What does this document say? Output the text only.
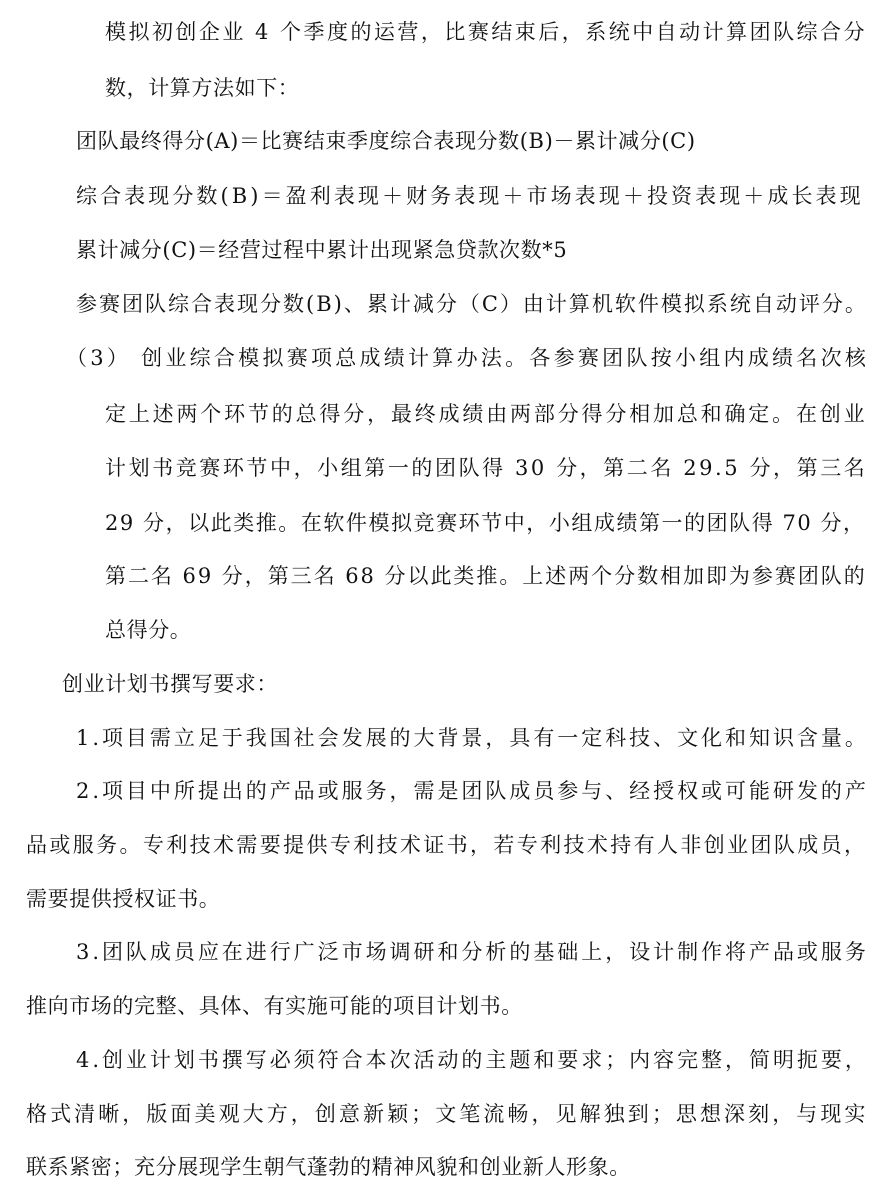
模拟初创企业 4 个季度的运营，比赛结束后，系统中自动计算团队综合分
数，计算方法如下：
团队最终得分(A)＝比赛结束季度综合表现分数(B)－累计减分(C)
综合表现分数(B)＝盈利表现＋财务表现＋市场表现＋投资表现＋成长表现
累计减分(C)＝经营过程中累计出现紧急贷款次数*5
参赛团队综合表现分数(B)、累计减分（C）由计算机软件模拟系统自动评分。
（3） 创业综合模拟赛项总成绩计算办法。各参赛团队按小组内成绩名次核
定上述两个环节的总得分，最终成绩由两部分得分相加总和确定。在创业
计划书竞赛环节中，小组第一的团队得 30 分，第二名 29.5 分，第三名
29 分，以此类推。在软件模拟竞赛环节中，小组成绩第一的团队得 70 分，
第二名 69 分，第三名 68 分以此类推。上述两个分数相加即为参赛团队的
总得分。
创业计划书撰写要求：
1.项目需立足于我国社会发展的大背景，具有一定科技、文化和知识含量。
2.项目中所提出的产品或服务，需是团队成员参与、经授权或可能研发的产
品或服务。专利技术需要提供专利技术证书，若专利技术持有人非创业团队成员，
需要提供授权证书。
3.团队成员应在进行广泛市场调研和分析的基础上，设计制作将产品或服务
推向市场的完整、具体、有实施可能的项目计划书。
4.创业计划书撰写必须符合本次活动的主题和要求；内容完整，简明扼要，
格式清晰，版面美观大方，创意新颖；文笔流畅，见解独到；思想深刻，与现实
联系紧密；充分展现学生朝气蓬勃的精神风貌和创业新人形象。
